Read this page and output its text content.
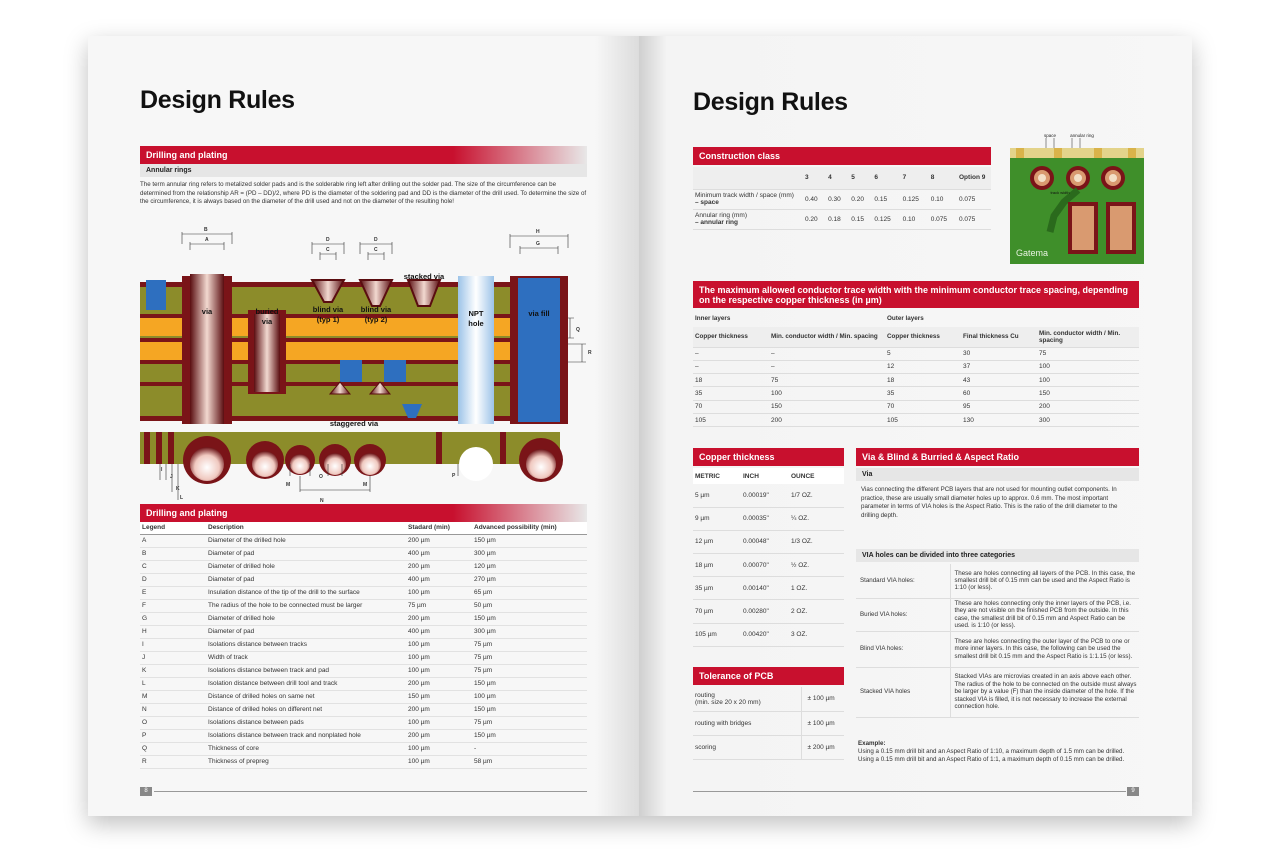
Design Rules
Drilling and plating
Annular rings
The term annular ring refers to metalized solder pads and is the solderable ring left after drilling out the solder pad. The size of the circumference can be determined from the relationship AR = (PD – DD)/2, where PD is the diameter of the soldering pad and DD is the diameter of the drill used. To determine the size of the circumference, it is always based on the diameter of the drill used and not on the diameter of the resulting hole!
B
A	D
C
D
C
H
G
Q
R
via	buried
via
blind via
(typ 1)
blind via
(typ 2)
stacked via
NPT
hole
via fill
staggered via
I
J
K
L
M
O
N
P
M
Drilling and plating
Legend	Description	Stadard (min)	Advanced possibility (min)
A	Diameter of the drilled hole	200 µm	150 µm
B	Diameter of pad	400 µm	300 µm
C	Diameter of drilled hole	200 µm	120 µm
D	Diameter of pad	400 µm	270 µm
E	Insulation distance of the tip of the drill to the surface	100 µm	65 µm
F	The radius of the hole to be connected must be larger	75 µm	50 µm
G	Diameter of drilled hole	200 µm	150 µm
H	Diameter of pad	400 µm	300 µm
I	Isolations distance between tracks	100 µm	75 µm
J	Width of track	100 µm	75 µm
K	Isolations distance between track and pad	100 µm	75 µm
L	Isolation distance between drill tool and track	200 µm	150 µm
M	Distance of drilled holes on same net	150 µm	100 µm
N	Distance of drilled holes on different net	200 µm	150 µm
O	Isolations distance between pads	100 µm	75 µm
P	Isolations distance between track and nonplated hole	200 µm	150 µm
Q	Thickness of core	100 µm	-
R	Thickness of prepreg	100 µm	58 µm
8
Design Rules
Construction class
	3	4	5	6	7	8	Option 9

Minimum track width / space (mm)
– space	0.40	0.30	0.20	0.15	0.125	0.10	0.075

Annular ring (mm)
– annular ring	0.20	0.18	0.15	0.125	0.10	0.075	0.075
space	annular ring
track width
Gatema
The maximum allowed conductor trace width with the minimum conductor trace spacing, depending on the respective copper thickness (in µm)
Inner layers		Outer layers		
Copper thickness	Min. conductor width / Min. spacing	Copper thickness	Final thickness Cu	Min. conductor width / Min. spacing
–	–	5	30	75
–	–	12	37	100
18	75	18	43	100
35	100	35	60	150
70	150	70	95	200
105	200	105	130	300
Copper thickness
METRIC	INCH	OUNCE
5 µm	0.00019"	1/7 OZ.
9 µm	0.00035"	¼ OZ.
12 µm	0.00048"	1/3 OZ.
18 µm	0.00070"	½ OZ.
35 µm	0.00140"	1 OZ.
70 µm	0.00280"	2 OZ.
105 µm	0.00420"	3 OZ.
Tolerance of PCB
routing
(min. size 20 x 20 mm)	± 100 µm
routing with bridges	± 100 µm
scoring	± 200 µm
Via & Blind & Burried & Aspect Ratio
Via
Vias connecting the different PCB layers that are not used for mounting outlet components. In practice, these are usually small diameter holes up to approx. 0.6 mm. The most important parameter in terms of VIA holes is the Aspect Ratio. This is the ratio of the drill diameter to the drilling depth.
VIA holes can be divided into three categories
Standard VIA holes:	These are holes connecting all layers of the PCB. In this case, the smallest drill bit of 0.15 mm can be used and the Aspect Ratio is 1:10 (or less).
Buried VIA holes:	These are holes connecting only the inner layers of the PCB, i.e. they are not visible on the finished PCB from the outside. In this case, the smallest drill bit of 0.15 mm and Aspect Ratio can be used. is 1:10 (or less).
Blind VIA holes:	These are holes connecting the outer layer of the PCB to one or more inner layers. In this case, the following can be used the smallest drill bit 0.15 mm and the Aspect Ratio is 1:1.15 (or less).
Stacked VIA holes	Stacked VIAs are microvias created in an axis above each other. The radius of the hole to be connected on the outside must always be larger by a value (F) than the inside diameter of the hole. If the stacked VIA is filled, it is not necessary to increase the external connection hole.
Example:
Using a 0.15 mm drill bit and an Aspect Ratio of 1:10, a maximum depth of 1.5 mm can be drilled.
Using a 0.15 mm drill bit and an Aspect Ratio of 1:1, a maximum depth of 0.15 mm can be drilled.
9
